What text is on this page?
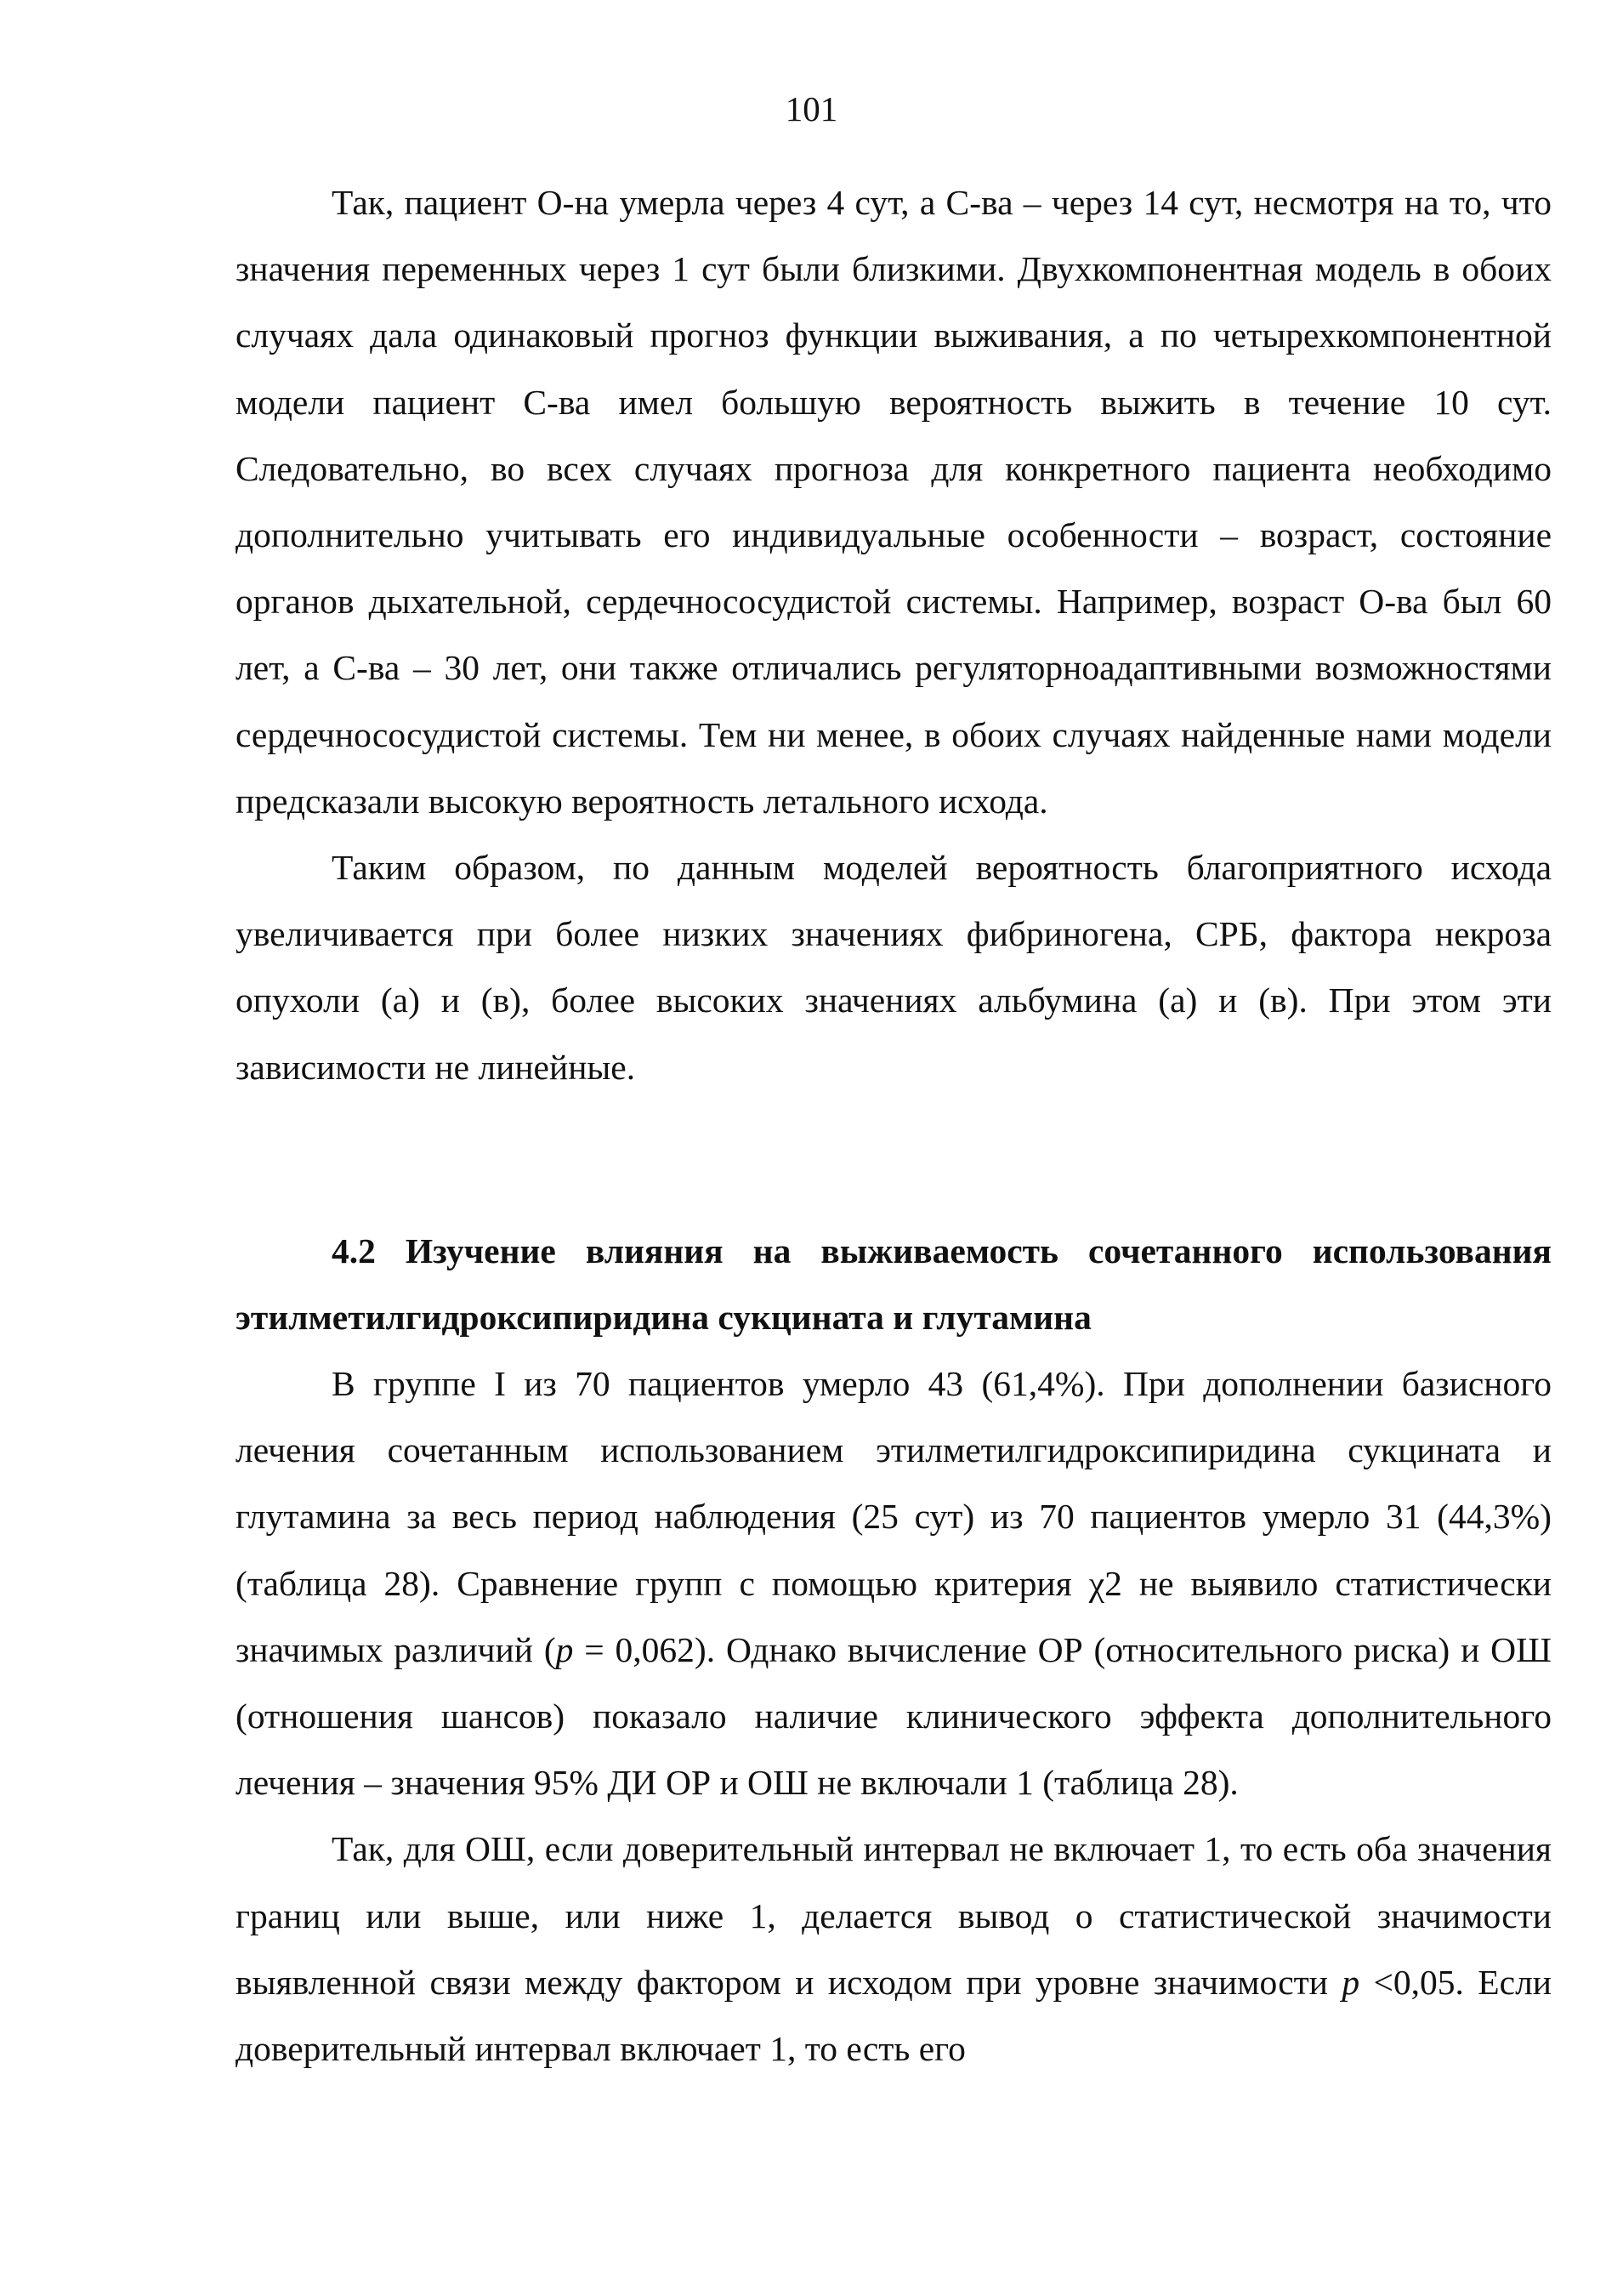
101

Так, пациент О-на умерла через 4 сут, а С-ва – через 14 сут, несмотря на то, что значения переменных через 1 сут были близкими. Двухкомпонентная модель в обоих случаях дала одинаковый прогноз функции выживания, а по четырехкомпонентной модели пациент С-ва имел большую вероятность выжить в течение 10 сут. Следовательно, во всех случаях прогноза для конкретного пациента необходимо дополнительно учитывать его индивидуальные особенности – возраст, состояние органов дыхательной, сердечнососудистой системы. Например, возраст О-ва был 60 лет, а С-ва – 30 лет, они также отличались регуляторноадаптивными возможностями сердечнососудистой системы. Тем ни менее, в обоих случаях найденные нами модели предсказали высокую вероятность летального исхода.

Таким образом, по данным моделей вероятность благоприятного исхода увеличивается при более низких значениях фибриногена, СРБ, фактора некроза опухоли (а) и (в), более высоких значениях альбумина (а) и (в). При этом эти зависимости не линейные.

4.2 Изучение влияния на выживаемость сочетанного использования этилметилгидроксипиридина сукцината и глутамина

В группе I из 70 пациентов умерло 43 (61,4%). При дополнении базисного лечения сочетанным использованием этилметилгидроксипиридина сукцината и глутамина за весь период наблюдения (25 сут) из 70 пациентов умерло 31 (44,3%) (таблица 28). Сравнение групп с помощью критерия χ2 не выявило статистически значимых различий (p = 0,062). Однако вычисление ОР (относительного риска) и ОШ (отношения шансов) показало наличие клинического эффекта дополнительного лечения – значения 95% ДИ ОР и ОШ не включали 1 (таблица 28).

Так, для ОШ, если доверительный интервал не включает 1, то есть оба значения границ или выше, или ниже 1, делается вывод о статистической значимости выявленной связи между фактором и исходом при уровне значимости p <0,05. Если доверительный интервал включает 1, то есть его
